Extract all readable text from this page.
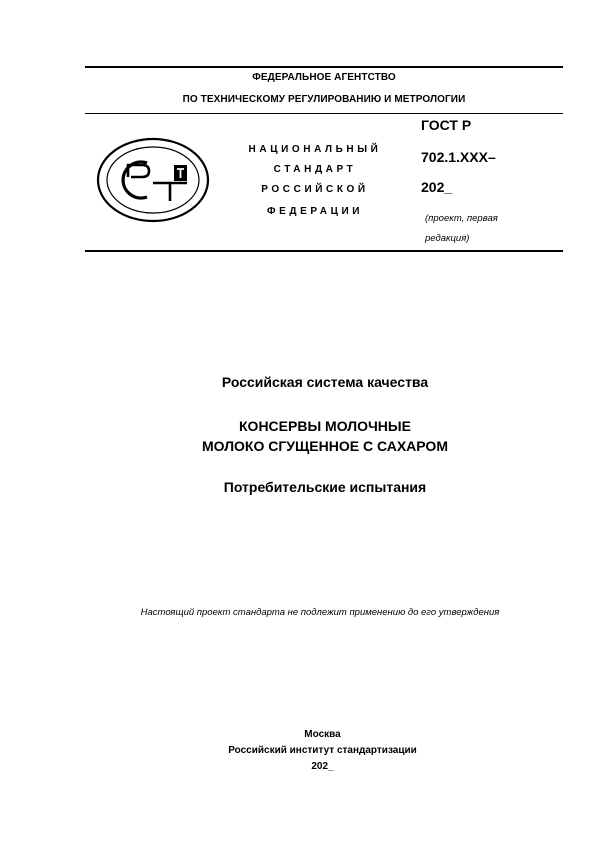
ФЕДЕРАЛЬНОЕ АГЕНТСТВО
ПО ТЕХНИЧЕСКОМУ РЕГУЛИРОВАНИЮ И МЕТРОЛОГИИ
НАЦИОНАЛЬНЫЙ
СТАНДАРТ
РОССИЙСКОЙ
ФЕДЕРАЦИИ
ГОСТ Р
702.1.XXX–
202_
(проект, первая
редакция)
Российская система качества
КОНСЕРВЫ МОЛОЧНЫЕ
МОЛОКО СГУЩЕННОЕ С САХАРОМ
Потребительские испытания
Настоящий проект стандарта не подлежит применению до его утверждения
Москва
Российский институт стандартизации
202_
